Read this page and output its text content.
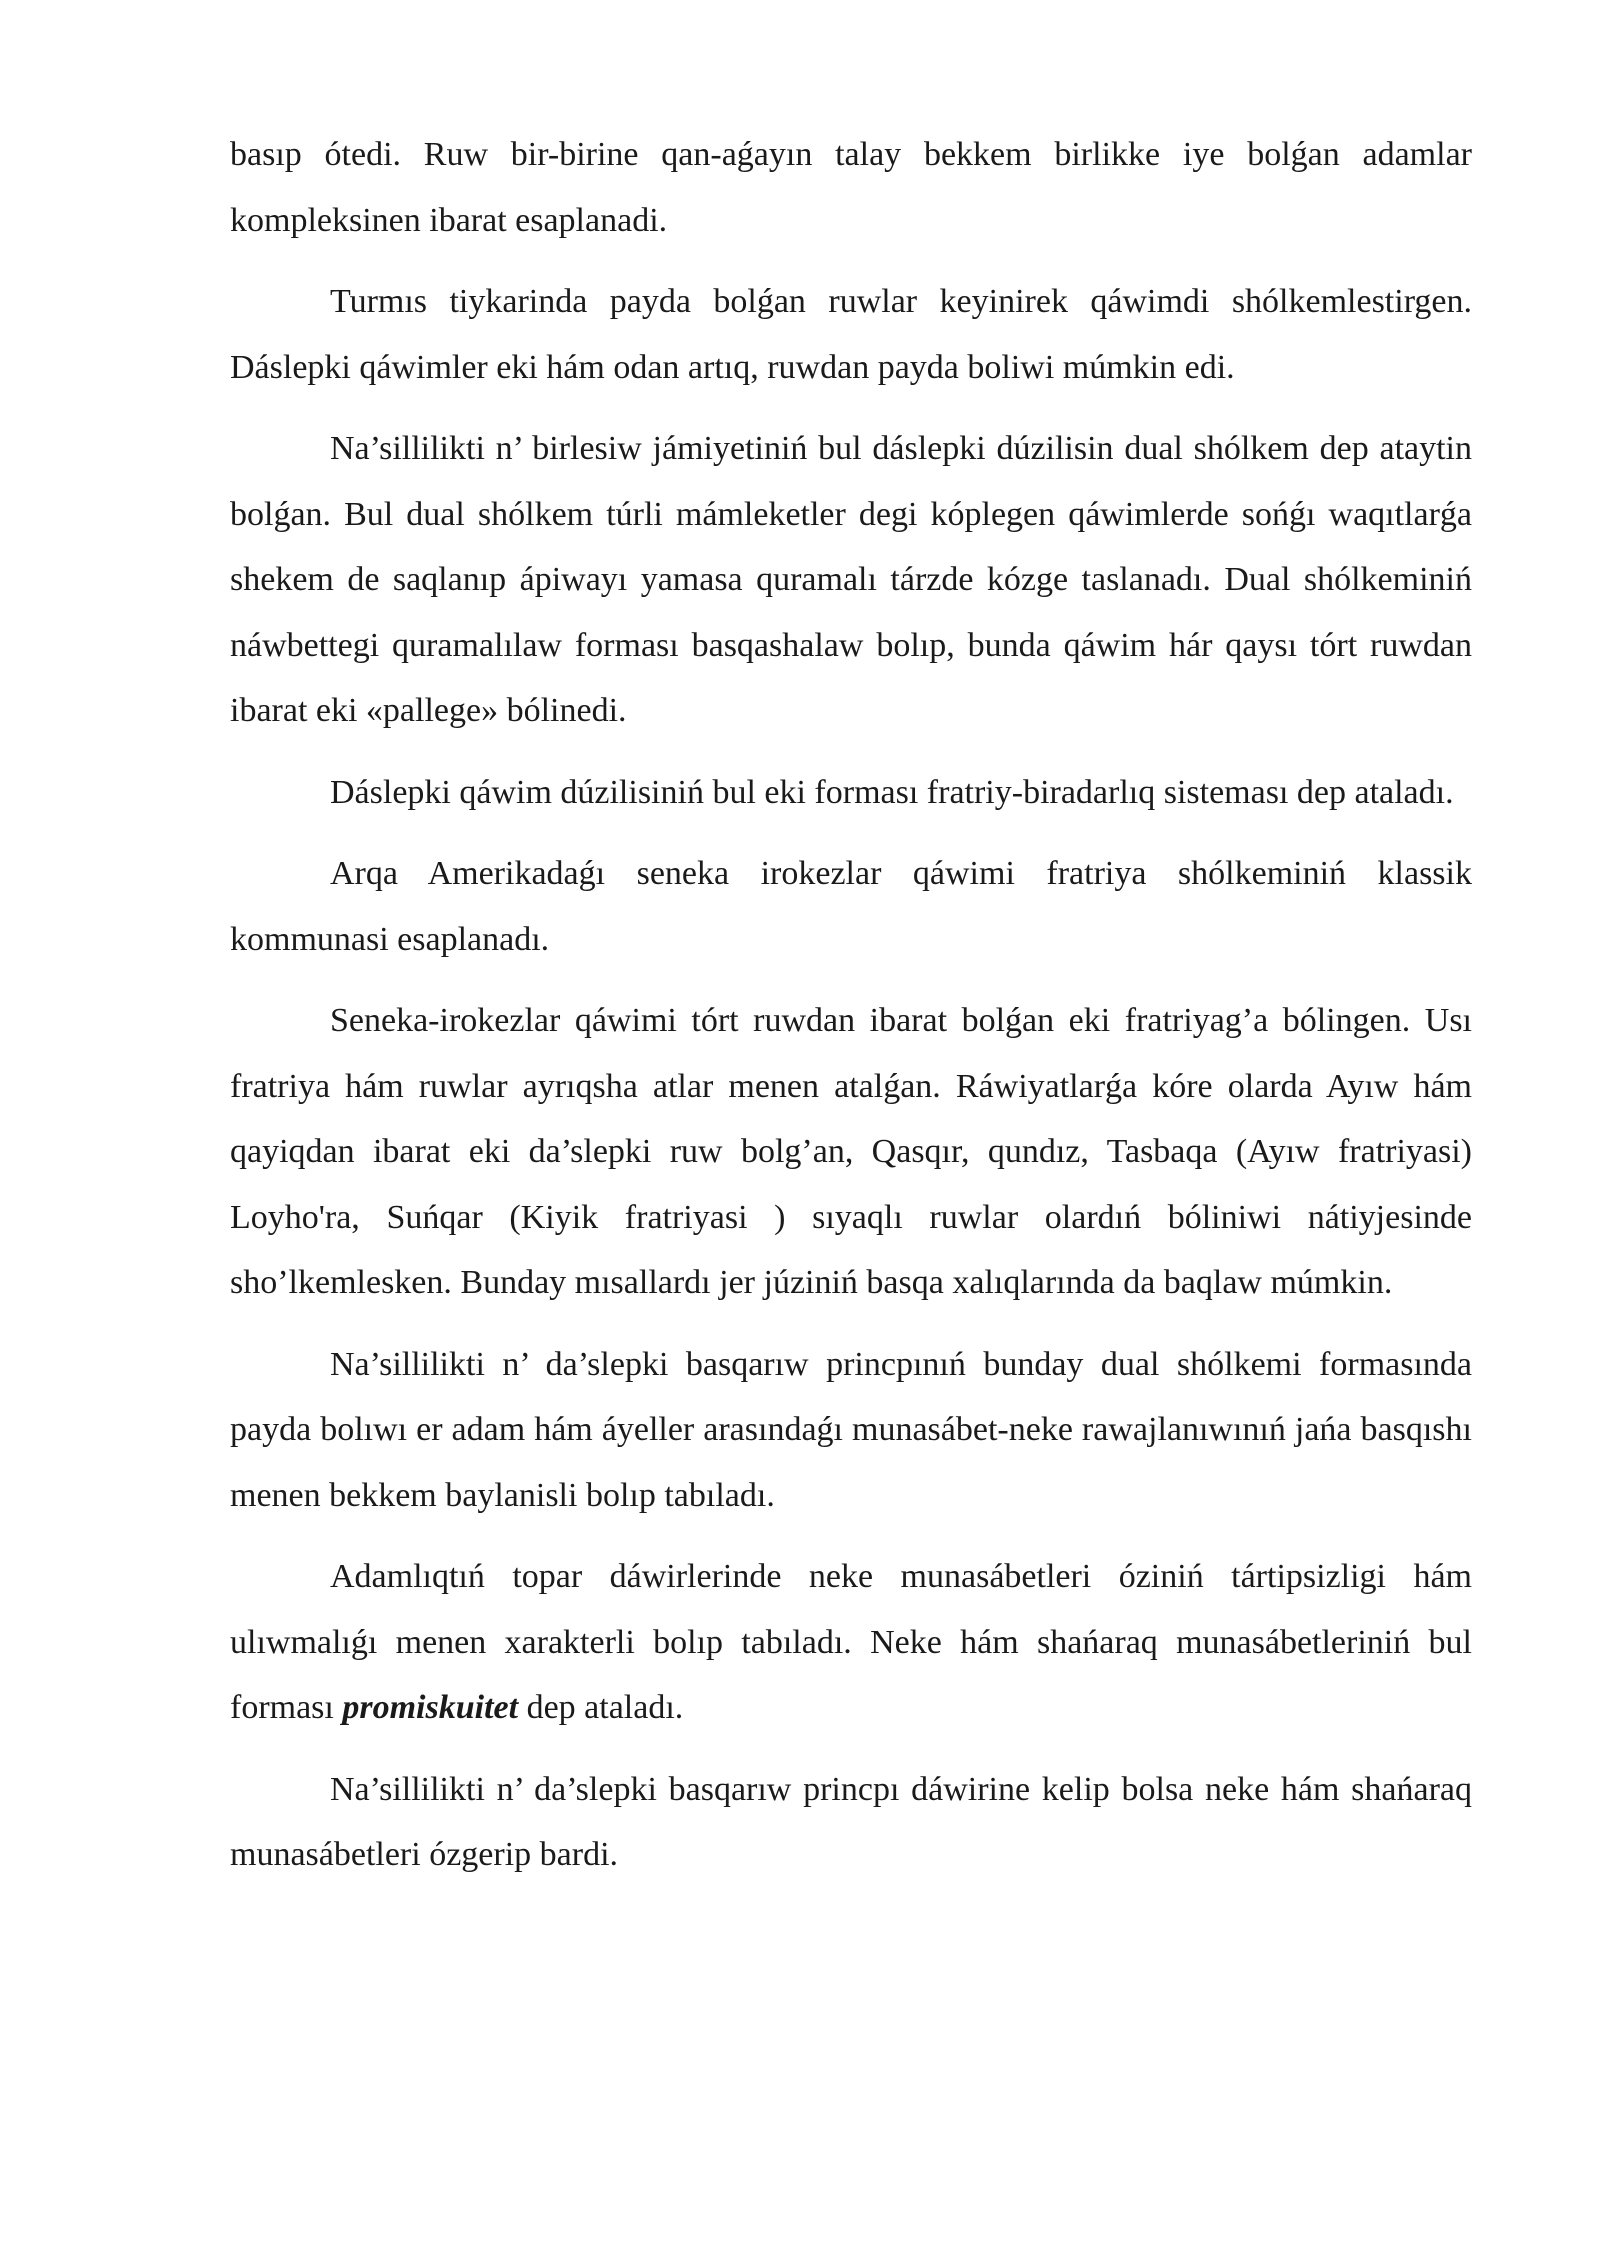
basıp ótedi. Ruw bir-birine qan-aǵayın talay bekkem birlikke iye bolǵan adamlar kompleksinen ibarat esaplanadi.

Turmıs tiykarinda payda bolǵan ruwlar keyinirek qáwimdi shólkemlestirgen. Dáslepki qáwimler eki hám odan artıq, ruwdan payda boliwi múmkin edi.

Na’sillilikti n’ birlesiw jámiyetiniń bul dáslepki dúzilisin dual shólkem dep ataytin bolǵan. Bul dual shólkem túrli mámleketler degi kóplegen qáwimlerde sońǵı waqıtlarǵa shekem de saqlanıp ápiwayı yamasa quramalı tárzde kózge taslanadı. Dual shólkeminiń náwbettegi quramalılaw forması basqashalaw bolıp, bunda qáwim hár qaysı tórt ruwdan ibarat eki «pallege» bólinedi.

Dáslepki qáwim dúzilisiniń bul eki forması fratriy-biradarlıq sisteması dep ataladı.

Arqa Amerikadaǵı seneka irokezlar qáwimi fratriya shólkeminiń klassik kommunasi esaplanadı.

Seneka-irokezlar qáwimi tórt ruwdan ibarat bolǵan eki fratriyag’a bólingen. Usı fratriya hám ruwlar ayrıqsha atlar menen atalǵan. Ráwiyatlarǵa kóre olarda Ayıw hám qayiqdan ibarat eki da’slepki ruw bolg’an, Qasqır, qundız, Tasbaqa (Ayıw fratriyasi) Loyho'ra, Suńqar (Kiyik fratriyasi ) sıyaqlı ruwlar olardıń bóliniwi nátiyjesinde sho’lkemlesken. Bunday mısallardı jer júziniń basqa xalıqlarında da baqlaw múmkin.

Na’sillilikti n’ da’slepki basqarıw princpınıń bunday dual shólkemi formasında payda bolıwı er adam hám áyeller arasındaǵı munasábet-neke rawajlanıwınıń jańa basqıshı menen bekkem baylanisli bolıp tabıladı.

Adamlıqtıń topar dáwirlerinde neke munasábetleri óziniń tártipsizligi hám ulıwmalıǵı menen xarakterli bolıp tabıladı. Neke hám shańaraq munasábetleriniń bul forması promiskuitet dep ataladı.

Na’sillilikti n’ da’slepki basqarıw princpı dáwirine kelip bolsa neke hám shańaraq munasábetleri ózgerip bardi.
